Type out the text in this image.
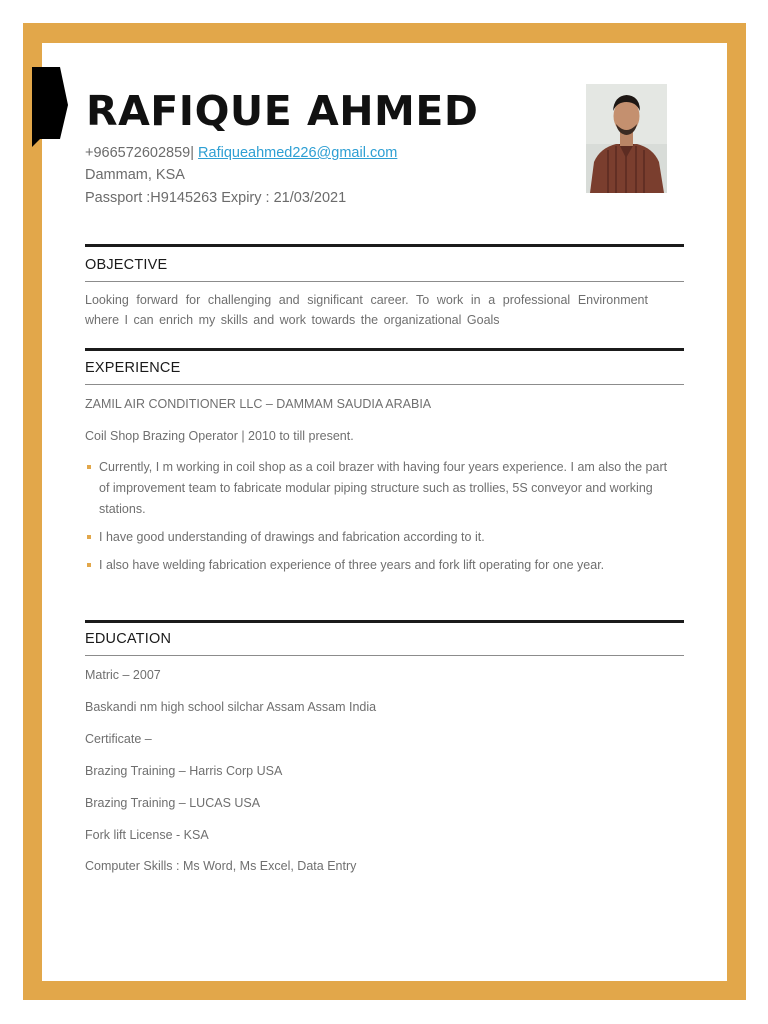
RAFIQUE AHMED
+966572602859| Rafiqueahmed226@gmail.com
Dammam, KSA
Passport :H9145263 Expiry : 21/03/2021
OBJECTIVE

Looking forward for challenging and significant career. To work in a professional Environment where I can enrich my skills and work towards the organizational Goals

EXPERIENCE

ZAMIL AIR CONDITIONER LLC – DAMMAM SAUDIA ARABIA

Coil Shop Brazing Operator | 2010 to till present.

Currently, I m working in coil shop as a coil brazer with having four years experience. I am also the part of improvement team to fabricate modular piping structure such as trollies, 5S conveyor and working stations.
I have good understanding of drawings and fabrication according to it.
I also have welding fabrication experience of three years and fork lift operating for one year.
EDUCATION

Matric – 2007

Baskandi nm high school silchar Assam Assam India

Certificate –

Brazing Training – Harris Corp USA

Brazing Training – LUCAS USA

Fork lift License - KSA

Computer Skills : Ms Word, Ms Excel, Data Entry
